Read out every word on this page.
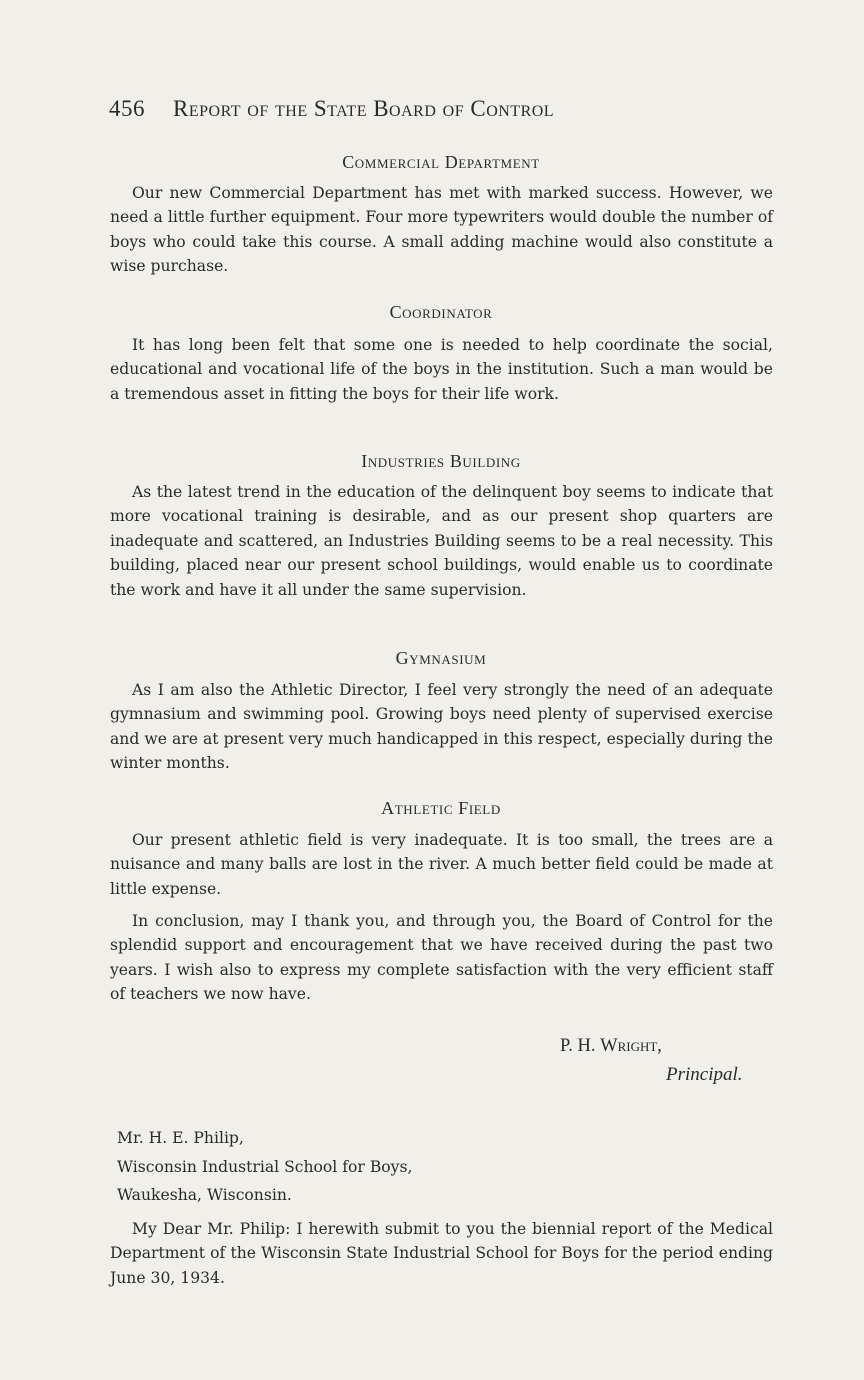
456 Report of the State Board of Control
Commercial Department

Our new Commercial Department has met with marked success. However, we need a little further equipment. Four more typewriters would double the number of boys who could take this course. A small adding machine would also constitute a wise purchase.

Coordinator

It has long been felt that some one is needed to help coordinate the social, educational and vocational life of the boys in the institution. Such a man would be a tremendous asset in fitting the boys for their life work.

Industries Building

As the latest trend in the education of the delinquent boy seems to indicate that more vocational training is desirable, and as our present shop quarters are inadequate and scattered, an Industries Building seems to be a real necessity. This building, placed near our present school buildings, would enable us to coordinate the work and have it all under the same supervision.

Gymnasium

As I am also the Athletic Director, I feel very strongly the need of an adequate gymnasium and swimming pool. Growing boys need plenty of supervised exercise and we are at present very much handicapped in this respect, especially during the winter months.

Athletic Field

Our present athletic field is very inadequate. It is too small, the trees are a nuisance and many balls are lost in the river. A much better field could be made at little expense.

In conclusion, may I thank you, and through you, the Board of Control for the splendid support and encouragement that we have received during the past two years. I wish also to express my complete satisfaction with the very efficient staff of teachers we now have.

P. H. Wright,
Principal.
Mr. H. E. Philip,
Wisconsin Industrial School for Boys,
Waukesha, Wisconsin.

My Dear Mr. Philip: I herewith submit to you the biennial report of the Medical Department of the Wisconsin State Industrial School for Boys for the period ending June 30, 1934.
